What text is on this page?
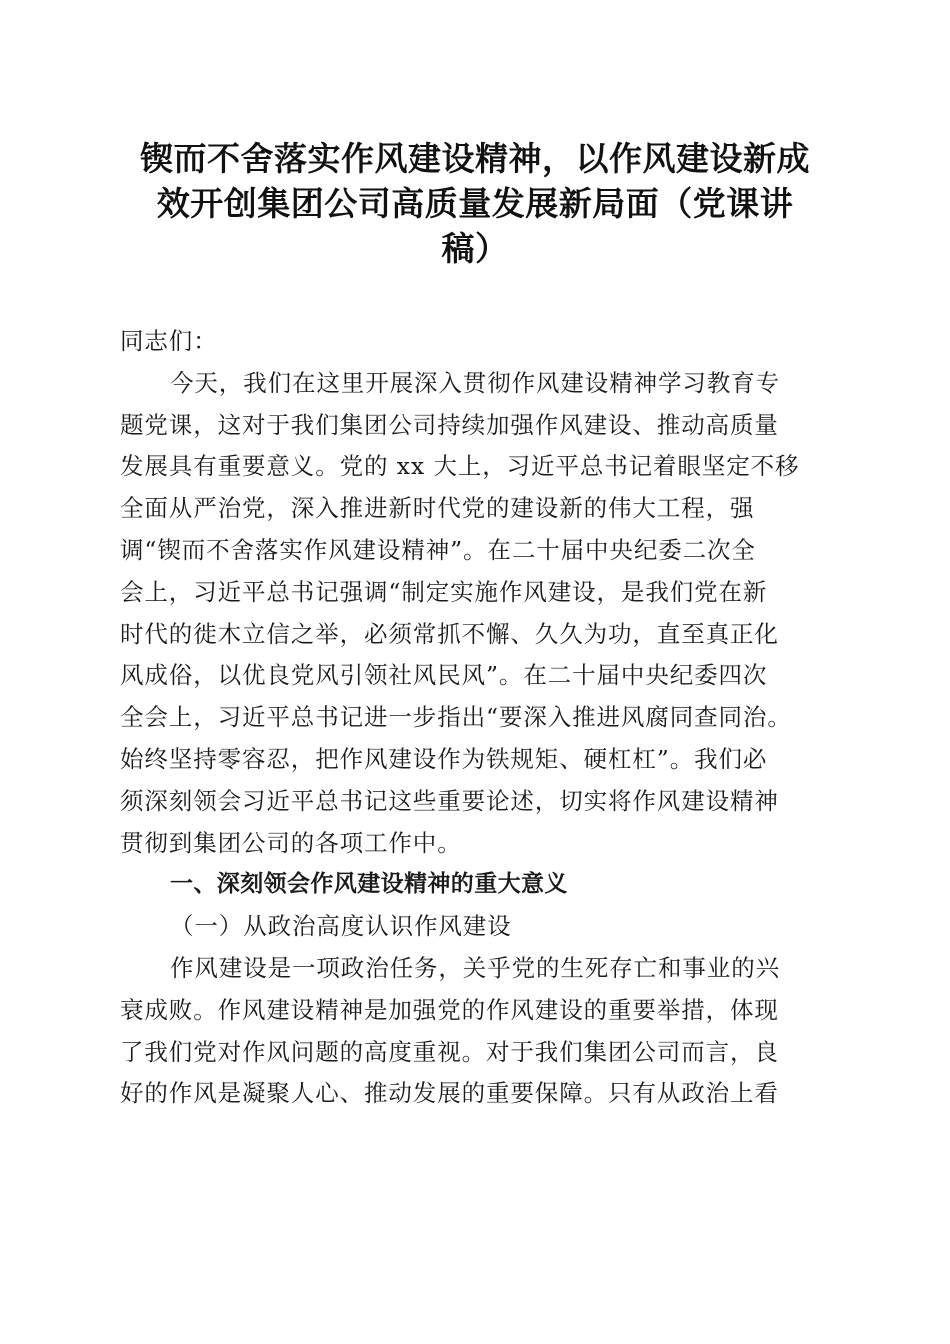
锲而不舍落实作风建设精神，以作风建设新成
效开创集团公司高质量发展新局面（党课讲
稿）
同志们：
今天，我们在这里开展深入贯彻作风建设精神学习教育专
题党课，这对于我们集团公司持续加强作风建设、推动高质量
发展具有重要意义。党的 xx 大上，习近平总书记着眼坚定不移
全面从严治党，深入推进新时代党的建设新的伟大工程，强
调“锲而不舍落实作风建设精神”。在二十届中央纪委二次全
会上，习近平总书记强调“制定实施作风建设，是我们党在新
时代的徙木立信之举，必须常抓不懈、久久为功，直至真正化
风成俗，以优良党风引领社风民风”。在二十届中央纪委四次
全会上，习近平总书记进一步指出“要深入推进风腐同查同治。
始终坚持零容忍，把作风建设作为铁规矩、硬杠杠”。我们必
须深刻领会习近平总书记这些重要论述，切实将作风建设精神
贯彻到集团公司的各项工作中。
一、深刻领会作风建设精神的重大意义
（一）从政治高度认识作风建设
作风建设是一项政治任务，关乎党的生死存亡和事业的兴
衰成败。作风建设精神是加强党的作风建设的重要举措，体现
了我们党对作风问题的高度重视。对于我们集团公司而言，良
好的作风是凝聚人心、推动发展的重要保障。只有从政治上看
